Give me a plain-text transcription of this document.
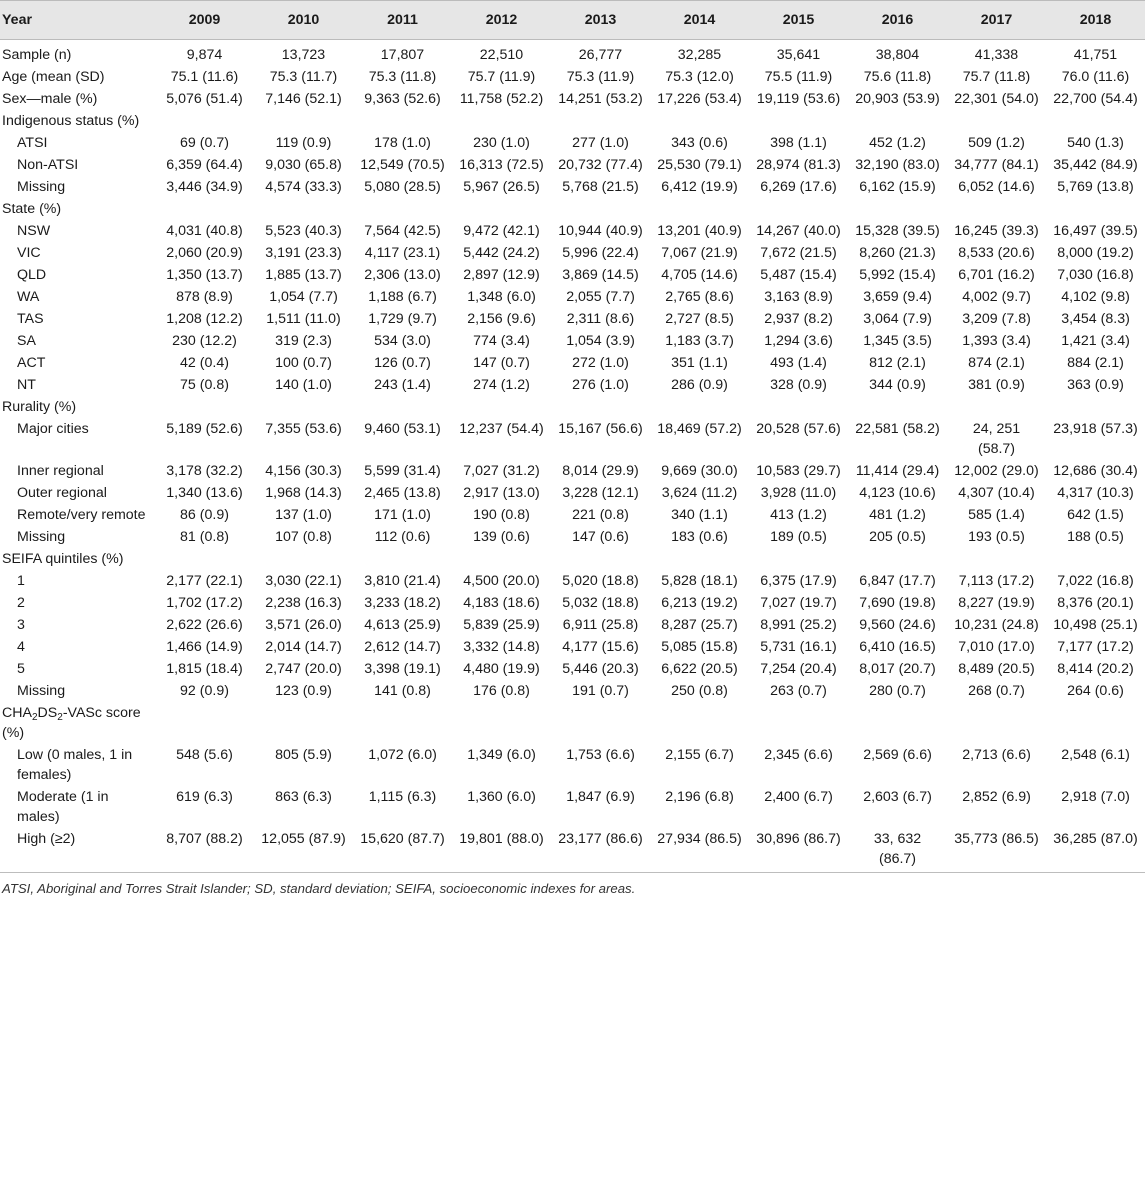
Year	2009	2010	2011	2012	2013	2014	2015	2016	2017	2018
Sample (n)	9,874	13,723	17,807	22,510	26,777	32,285	35,641	38,804	41,338	41,751
Age (mean (SD)	75.1 (11.6)	75.3 (11.7)	75.3 (11.8)	75.7 (11.9)	75.3 (11.9)	75.3 (12.0)	75.5 (11.9)	75.6 (11.8)	75.7 (11.8)	76.0 (11.6)
Sex—male (%)	5,076 (51.4)	7,146 (52.1)	9,363 (52.6)	11,758 (52.2)	14,251 (53.2)	17,226 (53.4)	19,119 (53.6)	20,903 (53.9)	22,301 (54.0)	22,700 (54.4)
Indigenous status (%)										
ATSI	69 (0.7)	119 (0.9)	178 (1.0)	230 (1.0)	277 (1.0)	343 (0.6)	398 (1.1)	452 (1.2)	509 (1.2)	540 (1.3)
Non-ATSI	6,359 (64.4)	9,030 (65.8)	12,549 (70.5)	16,313 (72.5)	20,732 (77.4)	25,530 (79.1)	28,974 (81.3)	32,190 (83.0)	34,777 (84.1)	35,442 (84.9)
Missing	3,446 (34.9)	4,574 (33.3)	5,080 (28.5)	5,967 (26.5)	5,768 (21.5)	6,412 (19.9)	6,269 (17.6)	6,162 (15.9)	6,052 (14.6)	5,769 (13.8)
State (%)										
NSW	4,031 (40.8)	5,523 (40.3)	7,564 (42.5)	9,472 (42.1)	10,944 (40.9)	13,201 (40.9)	14,267 (40.0)	15,328 (39.5)	16,245 (39.3)	16,497 (39.5)
VIC	2,060 (20.9)	3,191 (23.3)	4,117 (23.1)	5,442 (24.2)	5,996 (22.4)	7,067 (21.9)	7,672 (21.5)	8,260 (21.3)	8,533 (20.6)	8,000 (19.2)
QLD	1,350 (13.7)	1,885 (13.7)	2,306 (13.0)	2,897 (12.9)	3,869 (14.5)	4,705 (14.6)	5,487 (15.4)	5,992 (15.4)	6,701 (16.2)	7,030 (16.8)
WA	878 (8.9)	1,054 (7.7)	1,188 (6.7)	1,348 (6.0)	2,055 (7.7)	2,765 (8.6)	3,163 (8.9)	3,659 (9.4)	4,002 (9.7)	4,102 (9.8)
TAS	1,208 (12.2)	1,511 (11.0)	1,729 (9.7)	2,156 (9.6)	2,311 (8.6)	2,727 (8.5)	2,937 (8.2)	3,064 (7.9)	3,209 (7.8)	3,454 (8.3)
SA	230 (12.2)	319 (2.3)	534 (3.0)	774 (3.4)	1,054 (3.9)	1,183 (3.7)	1,294 (3.6)	1,345 (3.5)	1,393 (3.4)	1,421 (3.4)
ACT	42 (0.4)	100 (0.7)	126 (0.7)	147 (0.7)	272 (1.0)	351 (1.1)	493 (1.4)	812 (2.1)	874 (2.1)	884 (2.1)
NT	75 (0.8)	140 (1.0)	243 (1.4)	274 (1.2)	276 (1.0)	286 (0.9)	328 (0.9)	344 (0.9)	381 (0.9)	363 (0.9)
Rurality (%)										
Major cities	5,189 (52.6)	7,355 (53.6)	9,460 (53.1)	12,237 (54.4)	15,167 (56.6)	18,469 (57.2)	20,528 (57.6)	22,581 (58.2)	24, 251 (58.7)	23,918 (57.3)
Inner regional	3,178 (32.2)	4,156 (30.3)	5,599 (31.4)	7,027 (31.2)	8,014 (29.9)	9,669 (30.0)	10,583 (29.7)	11,414 (29.4)	12,002 (29.0)	12,686 (30.4)
Outer regional	1,340 (13.6)	1,968 (14.3)	2,465 (13.8)	2,917 (13.0)	3,228 (12.1)	3,624 (11.2)	3,928 (11.0)	4,123 (10.6)	4,307 (10.4)	4,317 (10.3)
Remote/very remote	86 (0.9)	137 (1.0)	171 (1.0)	190 (0.8)	221 (0.8)	340 (1.1)	413 (1.2)	481 (1.2)	585 (1.4)	642 (1.5)
Missing	81 (0.8)	107 (0.8)	112 (0.6)	139 (0.6)	147 (0.6)	183 (0.6)	189 (0.5)	205 (0.5)	193 (0.5)	188 (0.5)
SEIFA quintiles (%)										
1	2,177 (22.1)	3,030 (22.1)	3,810 (21.4)	4,500 (20.0)	5,020 (18.8)	5,828 (18.1)	6,375 (17.9)	6,847 (17.7)	7,113 (17.2)	7,022 (16.8)
2	1,702 (17.2)	2,238 (16.3)	3,233 (18.2)	4,183 (18.6)	5,032 (18.8)	6,213 (19.2)	7,027 (19.7)	7,690 (19.8)	8,227 (19.9)	8,376 (20.1)
3	2,622 (26.6)	3,571 (26.0)	4,613 (25.9)	5,839 (25.9)	6,911 (25.8)	8,287 (25.7)	8,991 (25.2)	9,560 (24.6)	10,231 (24.8)	10,498 (25.1)
4	1,466 (14.9)	2,014 (14.7)	2,612 (14.7)	3,332 (14.8)	4,177 (15.6)	5,085 (15.8)	5,731 (16.1)	6,410 (16.5)	7,010 (17.0)	7,177 (17.2)
5	1,815 (18.4)	2,747 (20.0)	3,398 (19.1)	4,480 (19.9)	5,446 (20.3)	6,622 (20.5)	7,254 (20.4)	8,017 (20.7)	8,489 (20.5)	8,414 (20.2)
Missing	92 (0.9)	123 (0.9)	141 (0.8)	176 (0.8)	191 (0.7)	250 (0.8)	263 (0.7)	280 (0.7)	268 (0.7)	264 (0.6)
$CHA_2DS_2$-VASc score (%)										
Low (0 males, 1 in females)	548 (5.6)	805 (5.9)	1,072 (6.0)	1,349 (6.0)	1,753 (6.6)	2,155 (6.7)	2,345 (6.6)	2,569 (6.6)	2,713 (6.6)	2,548 (6.1)
Moderate (1 in males)	619 (6.3)	863 (6.3)	1,115 (6.3)	1,360 (6.0)	1,847 (6.9)	2,196 (6.8)	2,400 (6.7)	2,603 (6.7)	2,852 (6.9)	2,918 (7.0)
High (≥2)	8,707 (88.2)	12,055 (87.9)	15,620 (87.7)	19,801 (88.0)	23,177 (86.6)	27,934 (86.5)	30,896 (86.7)	33, 632 (86.7)	35,773 (86.5)	36,285 (87.0)
ATSI, Aboriginal and Torres Strait Islander; SD, standard deviation; SEIFA, socioeconomic indexes for areas.
